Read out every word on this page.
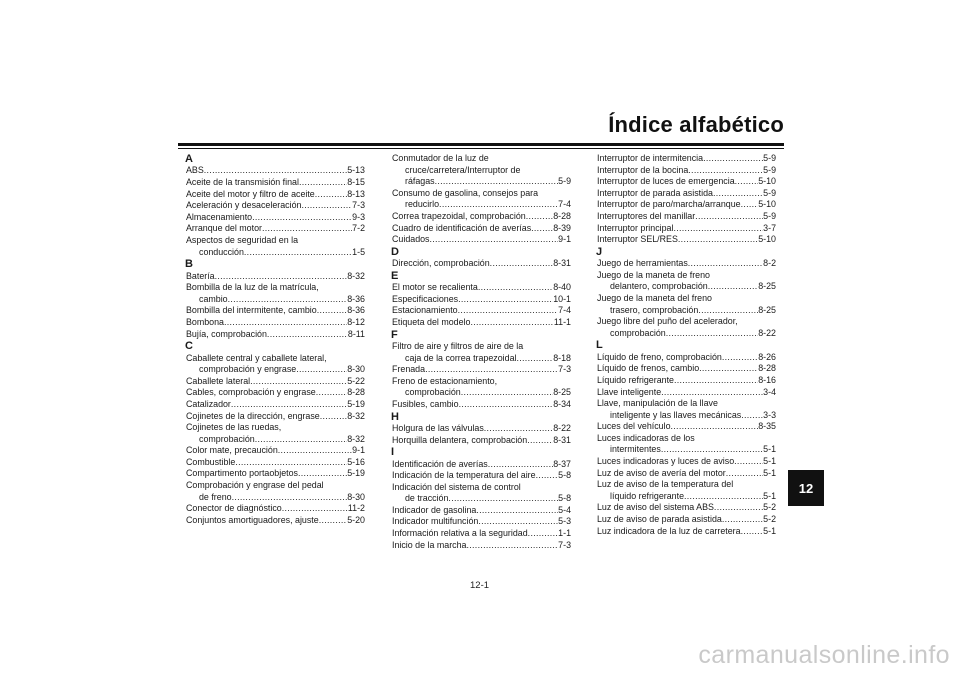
Índice alfabético
A
ABS .....	5-13
Aceite de la transmisión final .....	8-15
Aceite del motor y filtro de aceite .....	8-13
Aceleración y desaceleración .....	7-3
Almacenamiento .....	9-3
Arranque del motor .....	7-2
Aspectos de seguridad en la
conducción .....	1-5
B
Batería .....	8-32
Bombilla de la luz de la matrícula,
cambio .....	8-36
Bombilla del intermitente, cambio .....	8-36
Bombona .....	8-12
Bujía, comprobación .....	8-11
C
Caballete central y caballete lateral,
comprobación y engrase .....	8-30
Caballete lateral .....	5-22
Cables, comprobación y engrase .....	8-28
Catalizador .....	5-19
Cojinetes de la dirección, engrase .....	8-32
Cojinetes de las ruedas,
comprobación .....	8-32
Color mate, precaución .....	9-1
Combustible .....	5-16
Compartimento portaobjetos .....	5-19
Comprobación y engrase del pedal
de freno .....	8-30
Conector de diagnóstico .....	11-2
Conjuntos amortiguadores, ajuste .....	5-20
Conmutador de la luz de
cruce/carretera/Interruptor de
ráfagas .....	5-9
Consumo de gasolina, consejos para
reducirlo .....	7-4
Correa trapezoidal, comprobación .....	8-28
Cuadro de identificación de averías ..... 8-39
Cuidados .....	9-1
D
Dirección, comprobación .....	8-31
E
El motor se recalienta .....	8-40
Especificaciones .....	10-1
Estacionamiento .....	7-4
Etiqueta del modelo .....	11-1
F
Filtro de aire y filtros de aire de la
caja de la correa trapezoidal .....	8-18
Frenada .....	7-3
Freno de estacionamiento,
comprobación .....	8-25
Fusibles, cambio .....	8-34
H
Holgura de las válvulas .....	8-22
Horquilla delantera, comprobación .....	8-31
I
Identificación de averías .....	8-37
Indicación de la temperatura del aire .....	5-8
Indicación del sistema de control
de tracción .....	5-8
Indicador de gasolina .....	5-4
Indicador multifunción .....	5-3
Información relativa a la seguridad .....	1-1
Inicio de la marcha .....	7-3
Interruptor de intermitencia .....	5-9
Interruptor de la bocina .....	5-9
Interruptor de luces de emergencia .....	5-10
Interruptor de parada asistida .....	5-9
Interruptor de paro/marcha/arranque ..... 5-10
Interruptores del manillar .....	5-9
Interruptor principal .....	3-7
Interruptor SEL/RES .....	5-10
J
Juego de herramientas .....	8-2
Juego de la maneta de freno
delantero, comprobación .....	8-25
Juego de la maneta del freno
trasero, comprobación .....	8-25
Juego libre del puño del acelerador,
comprobación .....	8-22
L
Líquido de freno, comprobación .....	8-26
Líquido de frenos, cambio .....	8-28
Líquido refrigerante .....	8-16
Llave inteligente .....	3-4
Llave, manipulación de la llave
inteligente y las llaves mecánicas ..... 3-3
Luces del vehículo .....	8-35
Luces indicadoras de los
intermitentes .....	5-1
Luces indicadoras y luces de aviso .....	5-1
Luz de aviso de avería del motor .....	5-1
Luz de aviso de la temperatura del
líquido refrigerante .....	5-1
Luz de aviso del sistema ABS .....	5-2
Luz de aviso de parada asistida .....	5-2
Luz indicadora de la luz de carretera .....	5-1
12-1
12
carmanualsonline.info
